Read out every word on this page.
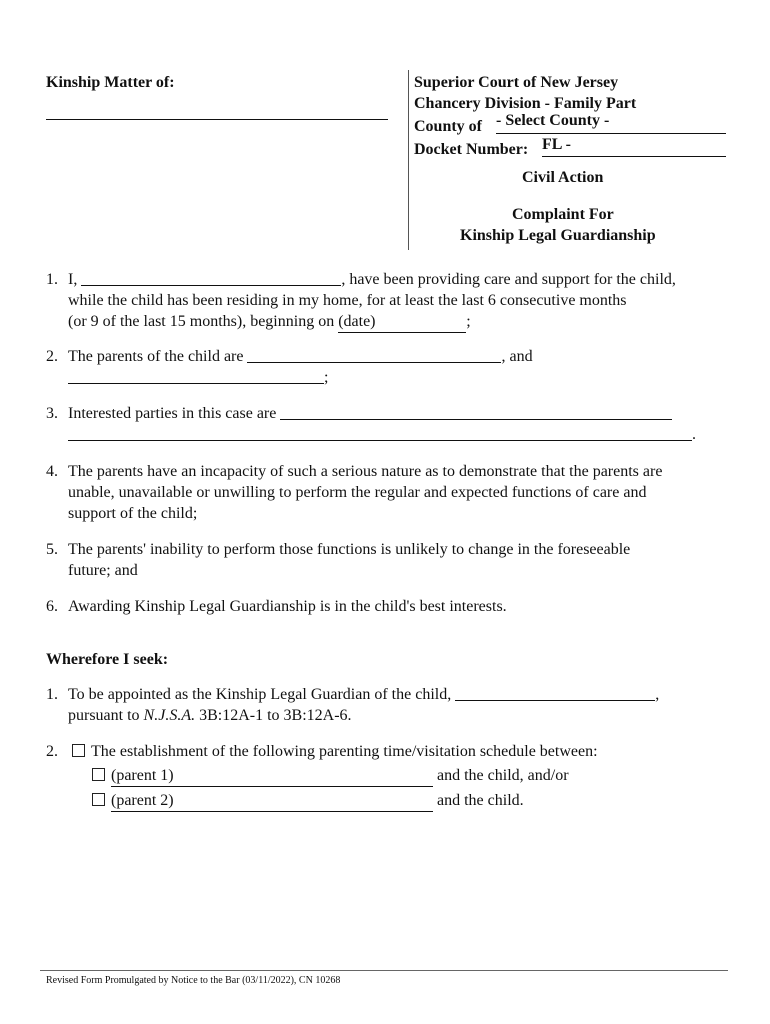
Kinship Matter of:	Superior Court of New Jersey
Chancery Division - Family Part
County of - Select County -
Docket Number: FL -
Civil Action
Complaint For
Kinship Legal Guardianship
1. I,	, have been providing care and support for the child,
while the child has been residing in my home, for at least the last 6 consecutive months
(or 9 of the last 15 months), beginning on (date)	;
2. The parents of the child are	, and
;
3. Interested parties in this case are
.
4. The parents have an incapacity of such a serious nature as to demonstrate that the parents are
unable, unavailable or unwilling to perform the regular and expected functions of care and
support of the child;
5. The parents' inability to perform those functions is unlikely to change in the foreseeable
future; and
6. Awarding Kinship Legal Guardianship is in the child's best interests.
Wherefore I seek:
1. To be appointed as the Kinship Legal Guardian of the child,	,
pursuant to N.J.S.A. 3B:12A-1 to 3B:12A-6.
2.	The establishment of the following parenting time/visitation schedule between:
(parent 1)	and the child, and/or
(parent 2)	and the child.
Revised Form Promulgated by Notice to the Bar (03/11/2022), CN 10268
